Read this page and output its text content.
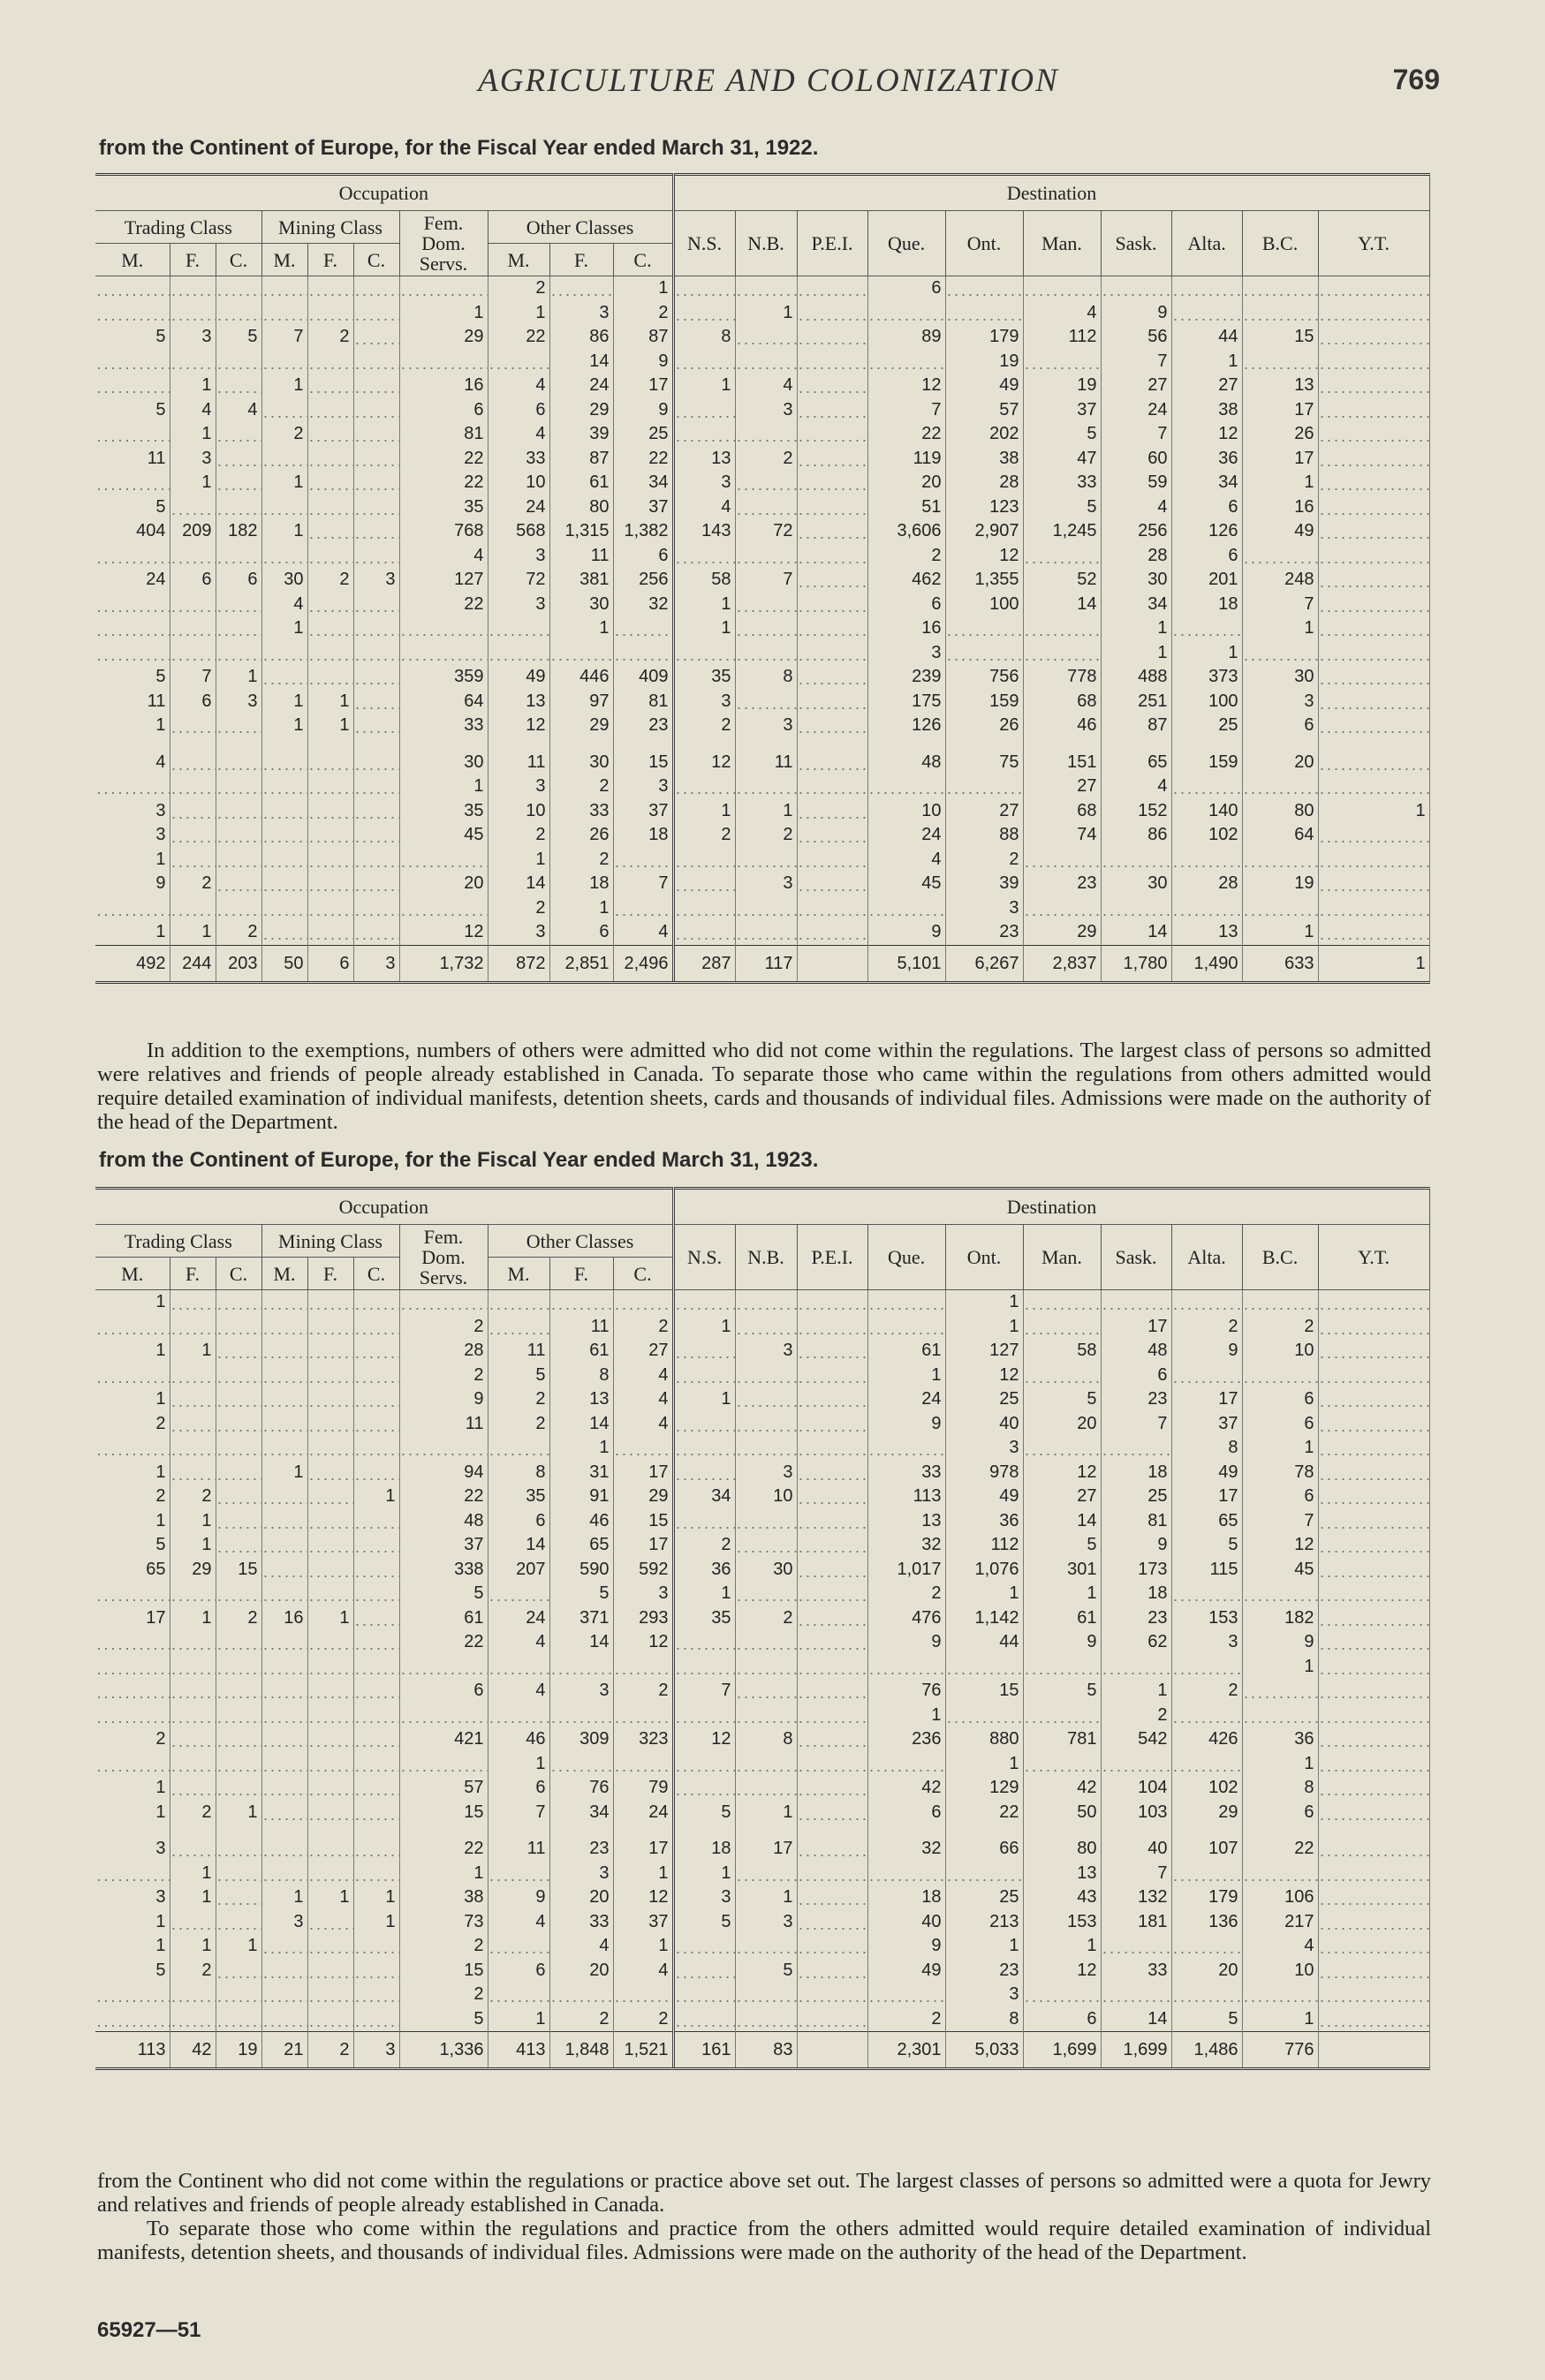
AGRICULTURE AND COLONIZATION	769
from the Continent of Europe, for the Fiscal Year ended March 31, 1922.
Occupation										Destination									
Trading Class			Mining Class			Fem. Dom. Servs.	Other Classes			N.S.	N.B.	P.E.I.	Que.	Ont.	Man.	Sask.	Alta.	B.C.	Y.T.
M.	F.	C.	M.	F.	C.		M.	F.	C.										
							2		1				6						
						1	1	3	2		1				4	9			
5	3	5	7	2		29	22	86	87	8			89	179	112	56	44	15	
								14	9					19		7	1		
	1		1			16	4	24	17	1	4		12	49	19	27	27	13	
5	4	4				6	6	29	9		3		7	57	37	24	38	17	
	1		2			81	4	39	25				22	202	5	7	12	26	
11	3					22	33	87	22	13	2		119	38	47	60	36	17	
	1		1			22	10	61	34	3			20	28	33	59	34	1	
5						35	24	80	37	4			51	123	5	4	6	16	
404	209	182	1			768	568	1,315	1,382	143	72		3,606	2,907	1,245	256	126	49	
						4	3	11	6				2	12		28	6		
24	6	6	30	2	3	127	72	381	256	58	7		462	1,355	52	30	201	248	
			4			22	3	30	32	1			6	100	14	34	18	7	
			1					1		1			16			1		1	
													3			1	1		
5	7	1				359	49	446	409	35	8		239	756	778	488	373	30	
11	6	3	1	1		64	13	97	81	3			175	159	68	251	100	3	
1			1	1		33	12	29	23	2	3		126	26	46	87	25	6	

4						30	11	30	15	12	11		48	75	151	65	159	20	
						1	3	2	3						27	4			
3						35	10	33	37	1	1		10	27	68	152	140	80	1
3						45	2	26	18	2	2		24	88	74	86	102	64	
1							1	2					4	2					
9	2					20	14	18	7		3		45	39	23	30	28	19	
							2	1						3					
1	1	2				12	3	6	4				9	23	29	14	13	1	
492	244	203	50	6	3	1,732	872	2,851	2,496	287	117		5,101	6,267	2,837	1,780	1,490	633	1

In addition to the exemptions, numbers of others were admitted who did not come within the regulations. The largest class of persons so admitted were relatives and friends of people already established in Canada. To separate those who came within the regulations from others admitted would require detailed examination of individual manifests, detention sheets, cards and thousands of individual files. Admissions were made on the authority of the head of the Department.

from the Continent of Europe, for the Fiscal Year ended March 31, 1923.
Occupation										Destination									
Trading Class			Mining Class			Fem. Dom. Servs.	Other Classes			N.S.	N.B.	P.E.I.	Que.	Ont.	Man.	Sask.	Alta.	B.C.	Y.T.
M.	F.	C.	M.	F.	C.		M.	F.	C.										
1														1					
						2		11	2	1				1		17	2	2	
1	1					28	11	61	27		3		61	127	58	48	9	10	
						2	5	8	4				1	12		6			
1						9	2	13	4	1			24	25	5	23	17	6	
2						11	2	14	4				9	40	20	7	37	6	
								1						3			8	1	
1			1			94	8	31	17		3		33	978	12	18	49	78	
2	2				1	22	35	91	29	34	10		113	49	27	25	17	6	
1	1					48	6	46	15				13	36	14	81	65	7	
5	1					37	14	65	17	2			32	112	5	9	5	12	
65	29	15				338	207	590	592	36	30		1,017	1,076	301	173	115	45	
						5		5	3	1			2	1	1	18			
17	1	2	16	1		61	24	371	293	35	2		476	1,142	61	23	153	182	
						22	4	14	12				9	44	9	62	3	9	
																		1	
						6	4	3	2	7			76	15	5	1	2		
													1			2			
2						421	46	309	323	12	8		236	880	781	542	426	36	
							1							1				1	
1						57	6	76	79				42	129	42	104	102	8	
1	2	1				15	7	34	24	5	1		6	22	50	103	29	6	

3						22	11	23	17	18	17		32	66	80	40	107	22	
	1					1		3	1	1					13	7			
3	1		1	1	1	38	9	20	12	3	1		18	25	43	132	179	106	
1			3		1	73	4	33	37	5	3		40	213	153	181	136	217	
1	1	1				2		4	1				9	1	1			4	
5	2					15	6	20	4		5		49	23	12	33	20	10	
						2								3					
						5	1	2	2				2	8	6	14	5	1	
113	42	19	21	2	3	1,336	413	1,848	1,521	161	83		2,301	5,033	1,699	1,699	1,486	776	

from the Continent who did not come within the regulations or practice above set out. The largest classes of persons so admitted were a quota for Jewry and relatives and friends of people already established in Canada.

To separate those who come within the regulations and practice from the others admitted would require detailed examination of individual manifests, detention sheets, and thousands of individual files. Admissions were made on the authority of the head of the Department.

65927—51
